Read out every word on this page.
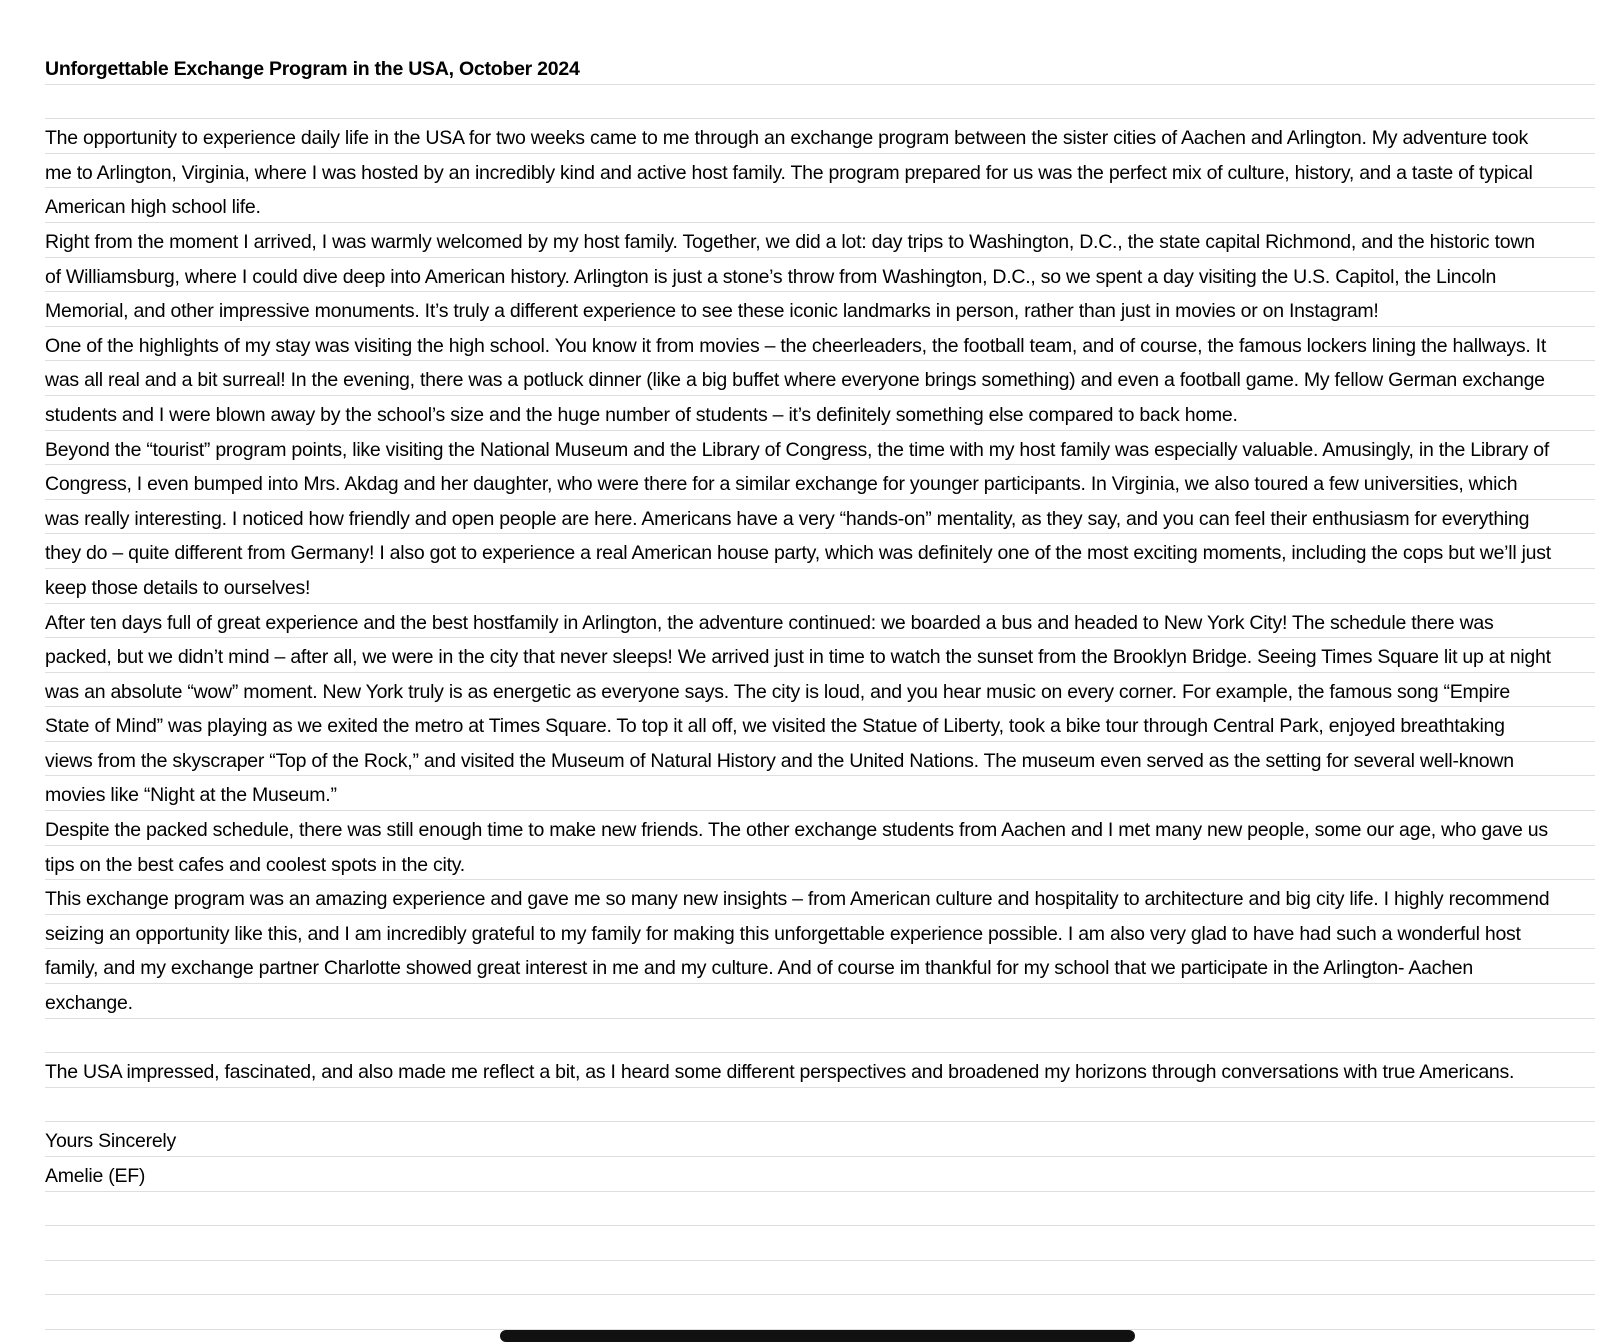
Unforgettable Exchange Program in the USA, October 2024
The opportunity to experience daily life in the USA for two weeks came to me through an exchange program between the sister cities of Aachen and Arlington. My adventure took
me to Arlington, Virginia, where I was hosted by an incredibly kind and active host family. The program prepared for us was the perfect mix of culture, history, and a taste of typical
American high school life.
Right from the moment I arrived, I was warmly welcomed by my host family. Together, we did a lot: day trips to Washington, D.C., the state capital Richmond, and the historic town
of Williamsburg, where I could dive deep into American history. Arlington is just a stone’s throw from Washington, D.C., so we spent a day visiting the U.S. Capitol, the Lincoln
Memorial, and other impressive monuments. It’s truly a different experience to see these iconic landmarks in person, rather than just in movies or on Instagram!
One of the highlights of my stay was visiting the high school. You know it from movies – the cheerleaders, the football team, and of course, the famous lockers lining the hallways. It
was all real and a bit surreal! In the evening, there was a potluck dinner (like a big buffet where everyone brings something) and even a football game. My fellow German exchange
students and I were blown away by the school’s size and the huge number of students – it’s definitely something else compared to back home.
Beyond the “tourist” program points, like visiting the National Museum and the Library of Congress, the time with my host family was especially valuable. Amusingly, in the Library of
Congress, I even bumped into Mrs. Akdag and her daughter, who were there for a similar exchange for younger participants. In Virginia, we also toured a few universities, which
was really interesting. I noticed how friendly and open people are here. Americans have a very “hands-on” mentality, as they say, and you can feel their enthusiasm for everything
they do – quite different from Germany! I also got to experience a real American house party, which was definitely one of the most exciting moments, including the cops but we’ll just
keep those details to ourselves!
After ten days full of great experience and the best hostfamily in Arlington, the adventure continued: we boarded a bus and headed to New York City! The schedule there was
packed, but we didn’t mind – after all, we were in the city that never sleeps! We arrived just in time to watch the sunset from the Brooklyn Bridge. Seeing Times Square lit up at night
was an absolute “wow” moment. New York truly is as energetic as everyone says. The city is loud, and you hear music on every corner. For example, the famous song “Empire
State of Mind” was playing as we exited the metro at Times Square. To top it all off, we visited the Statue of Liberty, took a bike tour through Central Park, enjoyed breathtaking
views from the skyscraper “Top of the Rock,” and visited the Museum of Natural History and the United Nations. The museum even served as the setting for several well-known
movies like “Night at the Museum.”
Despite the packed schedule, there was still enough time to make new friends. The other exchange students from Aachen and I met many new people, some our age, who gave us
tips on the best cafes and coolest spots in the city.
This exchange program was an amazing experience and gave me so many new insights – from American culture and hospitality to architecture and big city life. I highly recommend
seizing an opportunity like this, and I am incredibly grateful to my family for making this unforgettable experience possible. I am also very glad to have had such a wonderful host
family, and my exchange partner Charlotte showed great interest in me and my culture. And of course im thankful for my school that we participate in the Arlington- Aachen
exchange.
The USA impressed, fascinated, and also made me reflect a bit, as I heard some different perspectives and broadened my horizons through conversations with true Americans.
Yours Sincerely
Amelie (EF)
